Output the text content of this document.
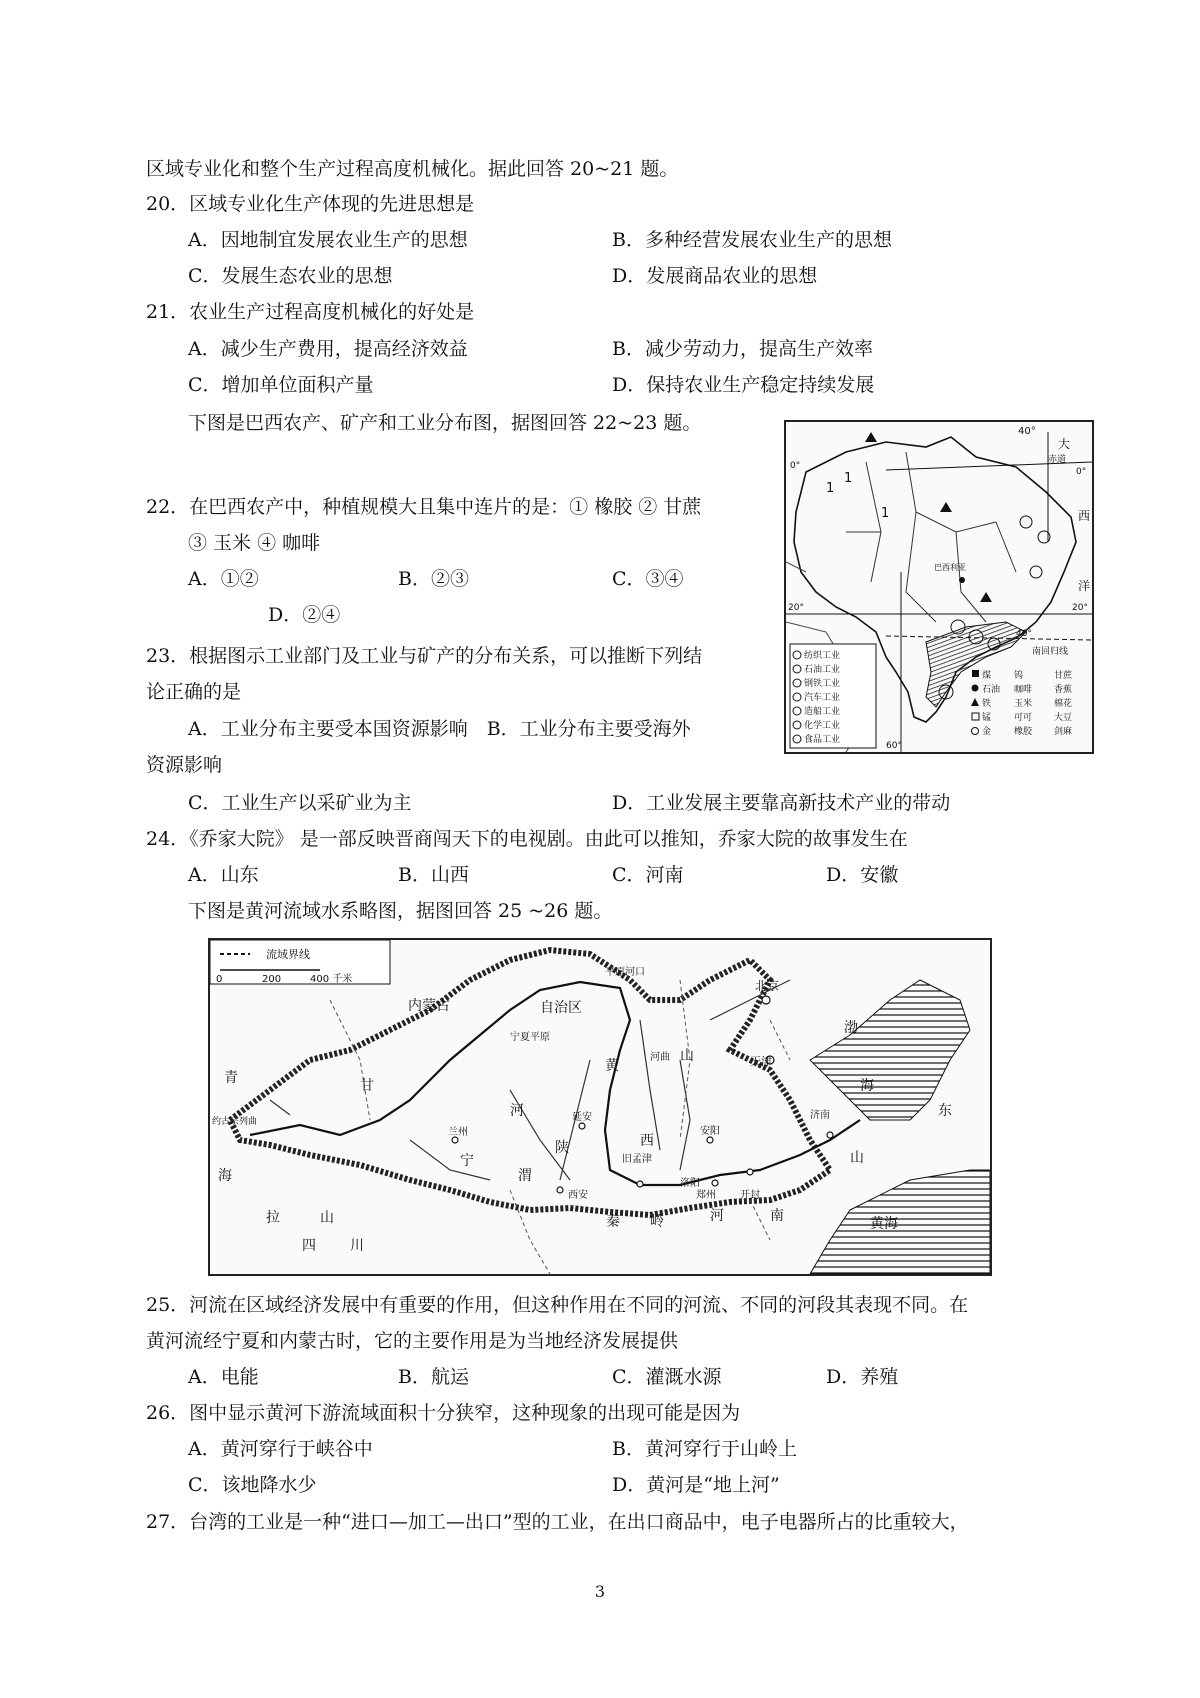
区域专业化和整个生产过程高度机械化。据此回答 20~21 题。
20．区域专业化生产体现的先进思想是
A．因地制宜发展农业生产的思想	B．多种经营发展农业生产的思想
C．发展生态农业的思想	D．发展商品农业的思想
21．农业生产过程高度机械化的好处是
A．减少生产费用，提高经济效益	B．减少劳动力，提高生产效率
C．增加单位面积产量	D．保持农业生产稳定持续发展
下图是巴西农产、矿产和工业分布图，据图回答 22~23 题。
22．在巴西农产中，种植规模大且集中连片的是：① 橡胶 ② 甘蔗
③ 玉米 ④ 咖啡
A．①②	B．②③	C．③④
D．②④
23．根据图示工业部门及工业与矿产的分布关系，可以推断下列结
论正确的是
A．工业分布主要受本国资源影响　B．工业分布主要受海外
资源影响
C．工业生产以采矿业为主	D．工业发展主要靠高新技术产业的带动
24．《乔家大院》 是一部反映晋商闯天下的电视剧。由此可以推知，乔家大院的故事发生在
A．山东	B．山西	C．河南	D．安徽
下图是黄河流域水系略图，据图回答 25 ~26 题。
25．河流在区域经济发展中有重要的作用，但这种作用在不同的河流、不同的河段其表现不同。在
黄河流经宁夏和内蒙古时，它的主要作用是为当地经济发展提供
A．电能	B．航运	C．灌溉水源	D．养殖
26．图中显示黄河下游流域面积十分狭窄，这种现象的出现可能是因为
A．黄河穿行于峡谷中	B．黄河穿行于山岭上
C．该地降水少	D．黄河是“地上河”
27．台湾的工业是一种“进口—加工—出口”型的工业，在出口商品中，电子电器所占的比重较大，
1
1
1
40°
大
赤道
0°
0°
西
洋
巴西利亚
20°	20°
40°
南回归线
60°
纺织工业
石油工业
钢铁工业
汽车工业
造船工业
化学工业
食品工业
煤
石油
铁
锰
金
钨
咖啡
玉米
可可
橡胶
甘蔗
香蕉
棉花
大豆
剑麻
流域界线
0	200	400 千米
内蒙古	自治区
平原河口
北京
天津
宁夏平原
河曲 山
甘
青
黄
兰州
延安
宁
河
陕	西
渤
海
东
山
济南
安阳
旧孟津
洛阳
郑州 开封
西安
秦 岭	河	南
四 川
拉	山
海
黄海
约古宗列曲
渭
3
